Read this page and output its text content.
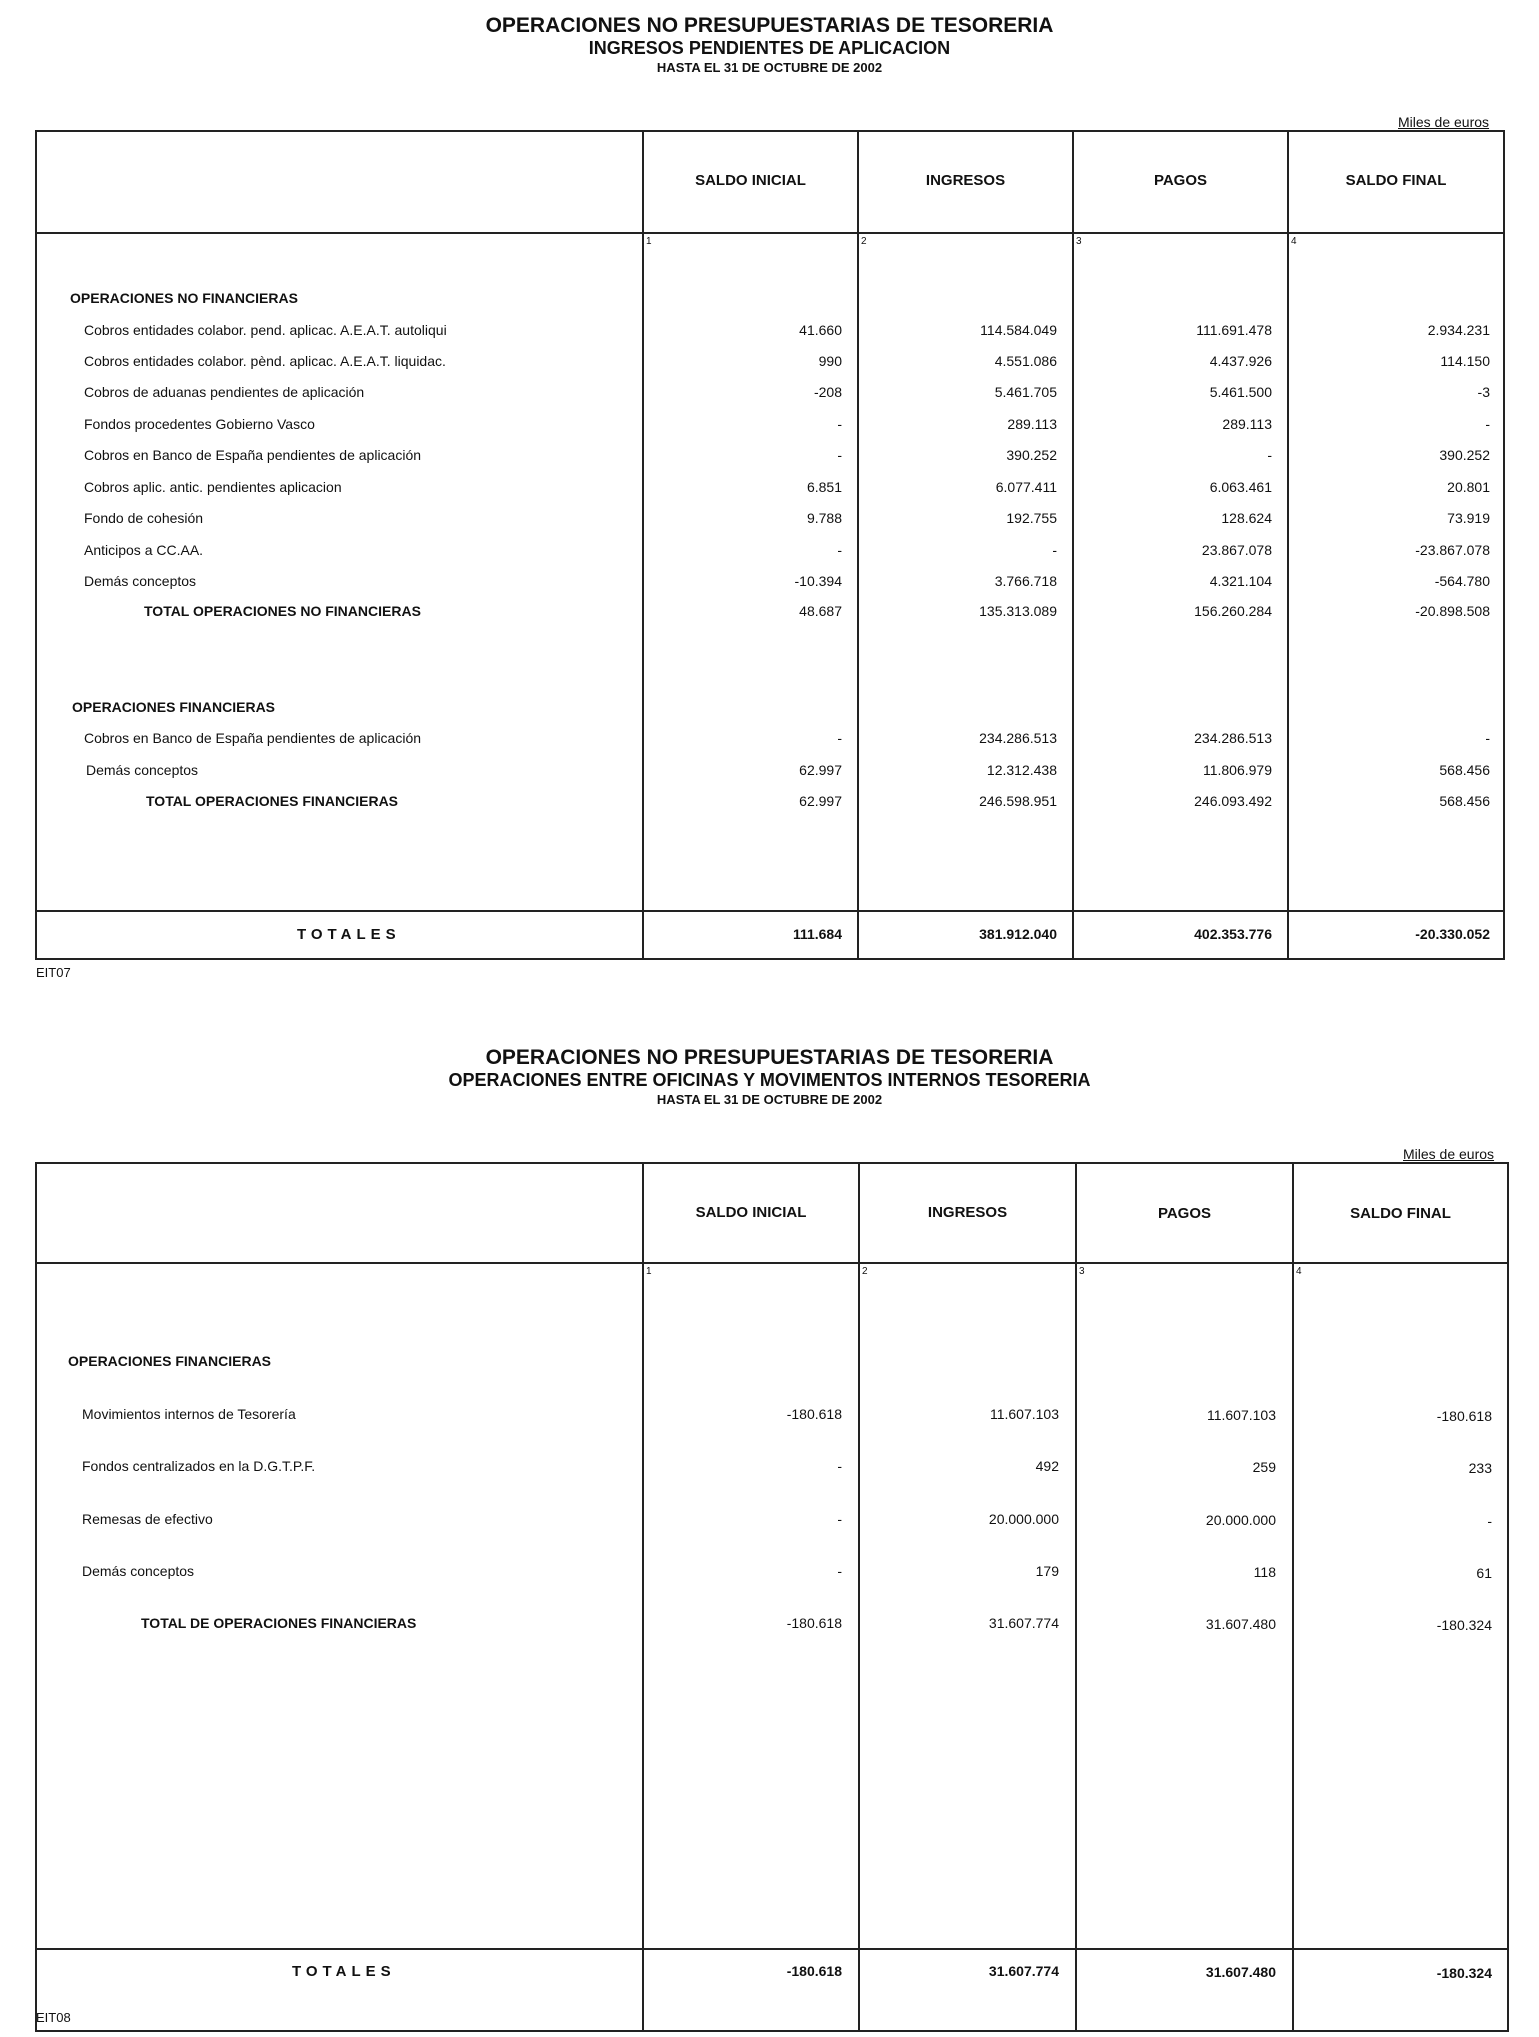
OPERACIONES NO PRESUPUESTARIAS DE TESORERIA
INGRESOS PENDIENTES DE APLICACION
HASTA EL 31 DE OCTUBRE DE 2002
Miles de euros
SALDO INICIAL	INGRESOS	PAGOS	SALDO FINAL
1	2	3	4
OPERACIONES NO FINANCIERAS
Cobros entidades colabor. pend. aplicac. A.E.A.T. autoliqui	41.660	114.584.049	111.691.478	2.934.231
Cobros entidades colabor. pènd. aplicac. A.E.A.T. liquidac.	990	4.551.086	4.437.926	114.150
Cobros de aduanas pendientes de aplicación	-208	5.461.705	5.461.500	-3
Fondos procedentes Gobierno Vasco	-	289.113	289.113	-
Cobros en Banco de España pendientes de aplicación	-	390.252	-	390.252
Cobros aplic. antic. pendientes aplicacion	6.851	6.077.411	6.063.461	20.801
Fondo de cohesión	9.788	192.755	128.624	73.919
Anticipos a CC.AA.	-	-	23.867.078	-23.867.078
Demás conceptos	-10.394	3.766.718	4.321.104	-564.780
TOTAL OPERACIONES NO FINANCIERAS	48.687	135.313.089	156.260.284	-20.898.508
OPERACIONES FINANCIERAS
Cobros en Banco de España pendientes de aplicación	-	234.286.513	234.286.513	-
Demás conceptos	62.997	12.312.438	11.806.979	568.456
TOTAL OPERACIONES FINANCIERAS	62.997	246.598.951	246.093.492	568.456
TOTALES	111.684	381.912.040	402.353.776	-20.330.052
EIT07
OPERACIONES NO PRESUPUESTARIAS DE TESORERIA
OPERACIONES ENTRE OFICINAS Y MOVIMENTOS INTERNOS TESORERIA
HASTA EL 31 DE OCTUBRE DE 2002
Miles de euros
SALDO INICIAL	INGRESOS	PAGOS	SALDO FINAL
1	2	3	4
OPERACIONES FINANCIERAS
Movimientos internos de Tesorería	-180.618	11.607.103	11.607.103	-180.618
Fondos centralizados en la D.G.T.P.F.	-	492	259	233
Remesas de efectivo	-	20.000.000	20.000.000	-
Demás conceptos	-	179	118	61
TOTAL DE OPERACIONES FINANCIERAS	-180.618	31.607.774	31.607.480	-180.324
TOTALES	-180.618	31.607.774	31.607.480	-180.324
EIT08
